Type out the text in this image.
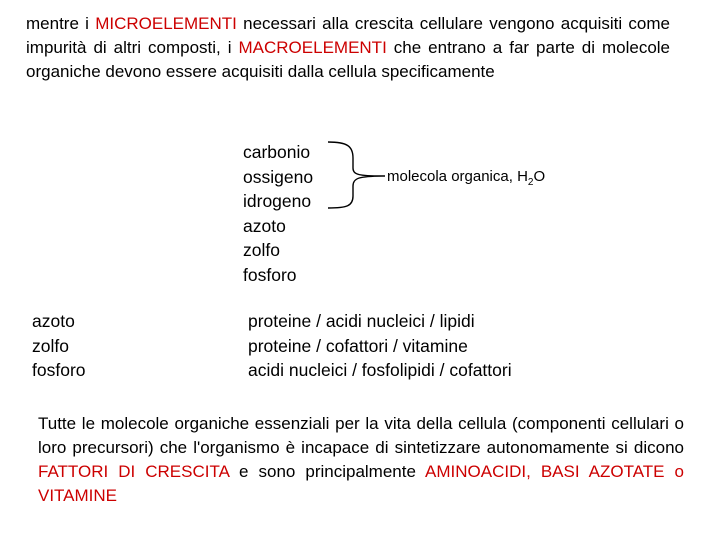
mentre i MICROELEMENTI necessari alla crescita cellulare vengono acquisiti come impurità di altri composti, i MACROELEMENTI che entrano a far parte di molecole organiche devono essere acquisiti dalla cellula specificamente
carbonio
ossigeno
idrogeno
azoto
zolfo
fosforo
molecola organica, $H_2O$
azoto
zolfo
fosforo
proteine / acidi nucleici / lipidi
proteine / cofattori / vitamine
acidi nucleici / fosfolipidi / cofattori
Tutte le molecole organiche essenziali per la vita della cellula (componenti cellulari o loro precursori) che l'organismo è incapace di sintetizzare autonomamente si dicono FATTORI DI CRESCITA e sono principalmente AMINOACIDI, BASI AZOTATE o VITAMINE
